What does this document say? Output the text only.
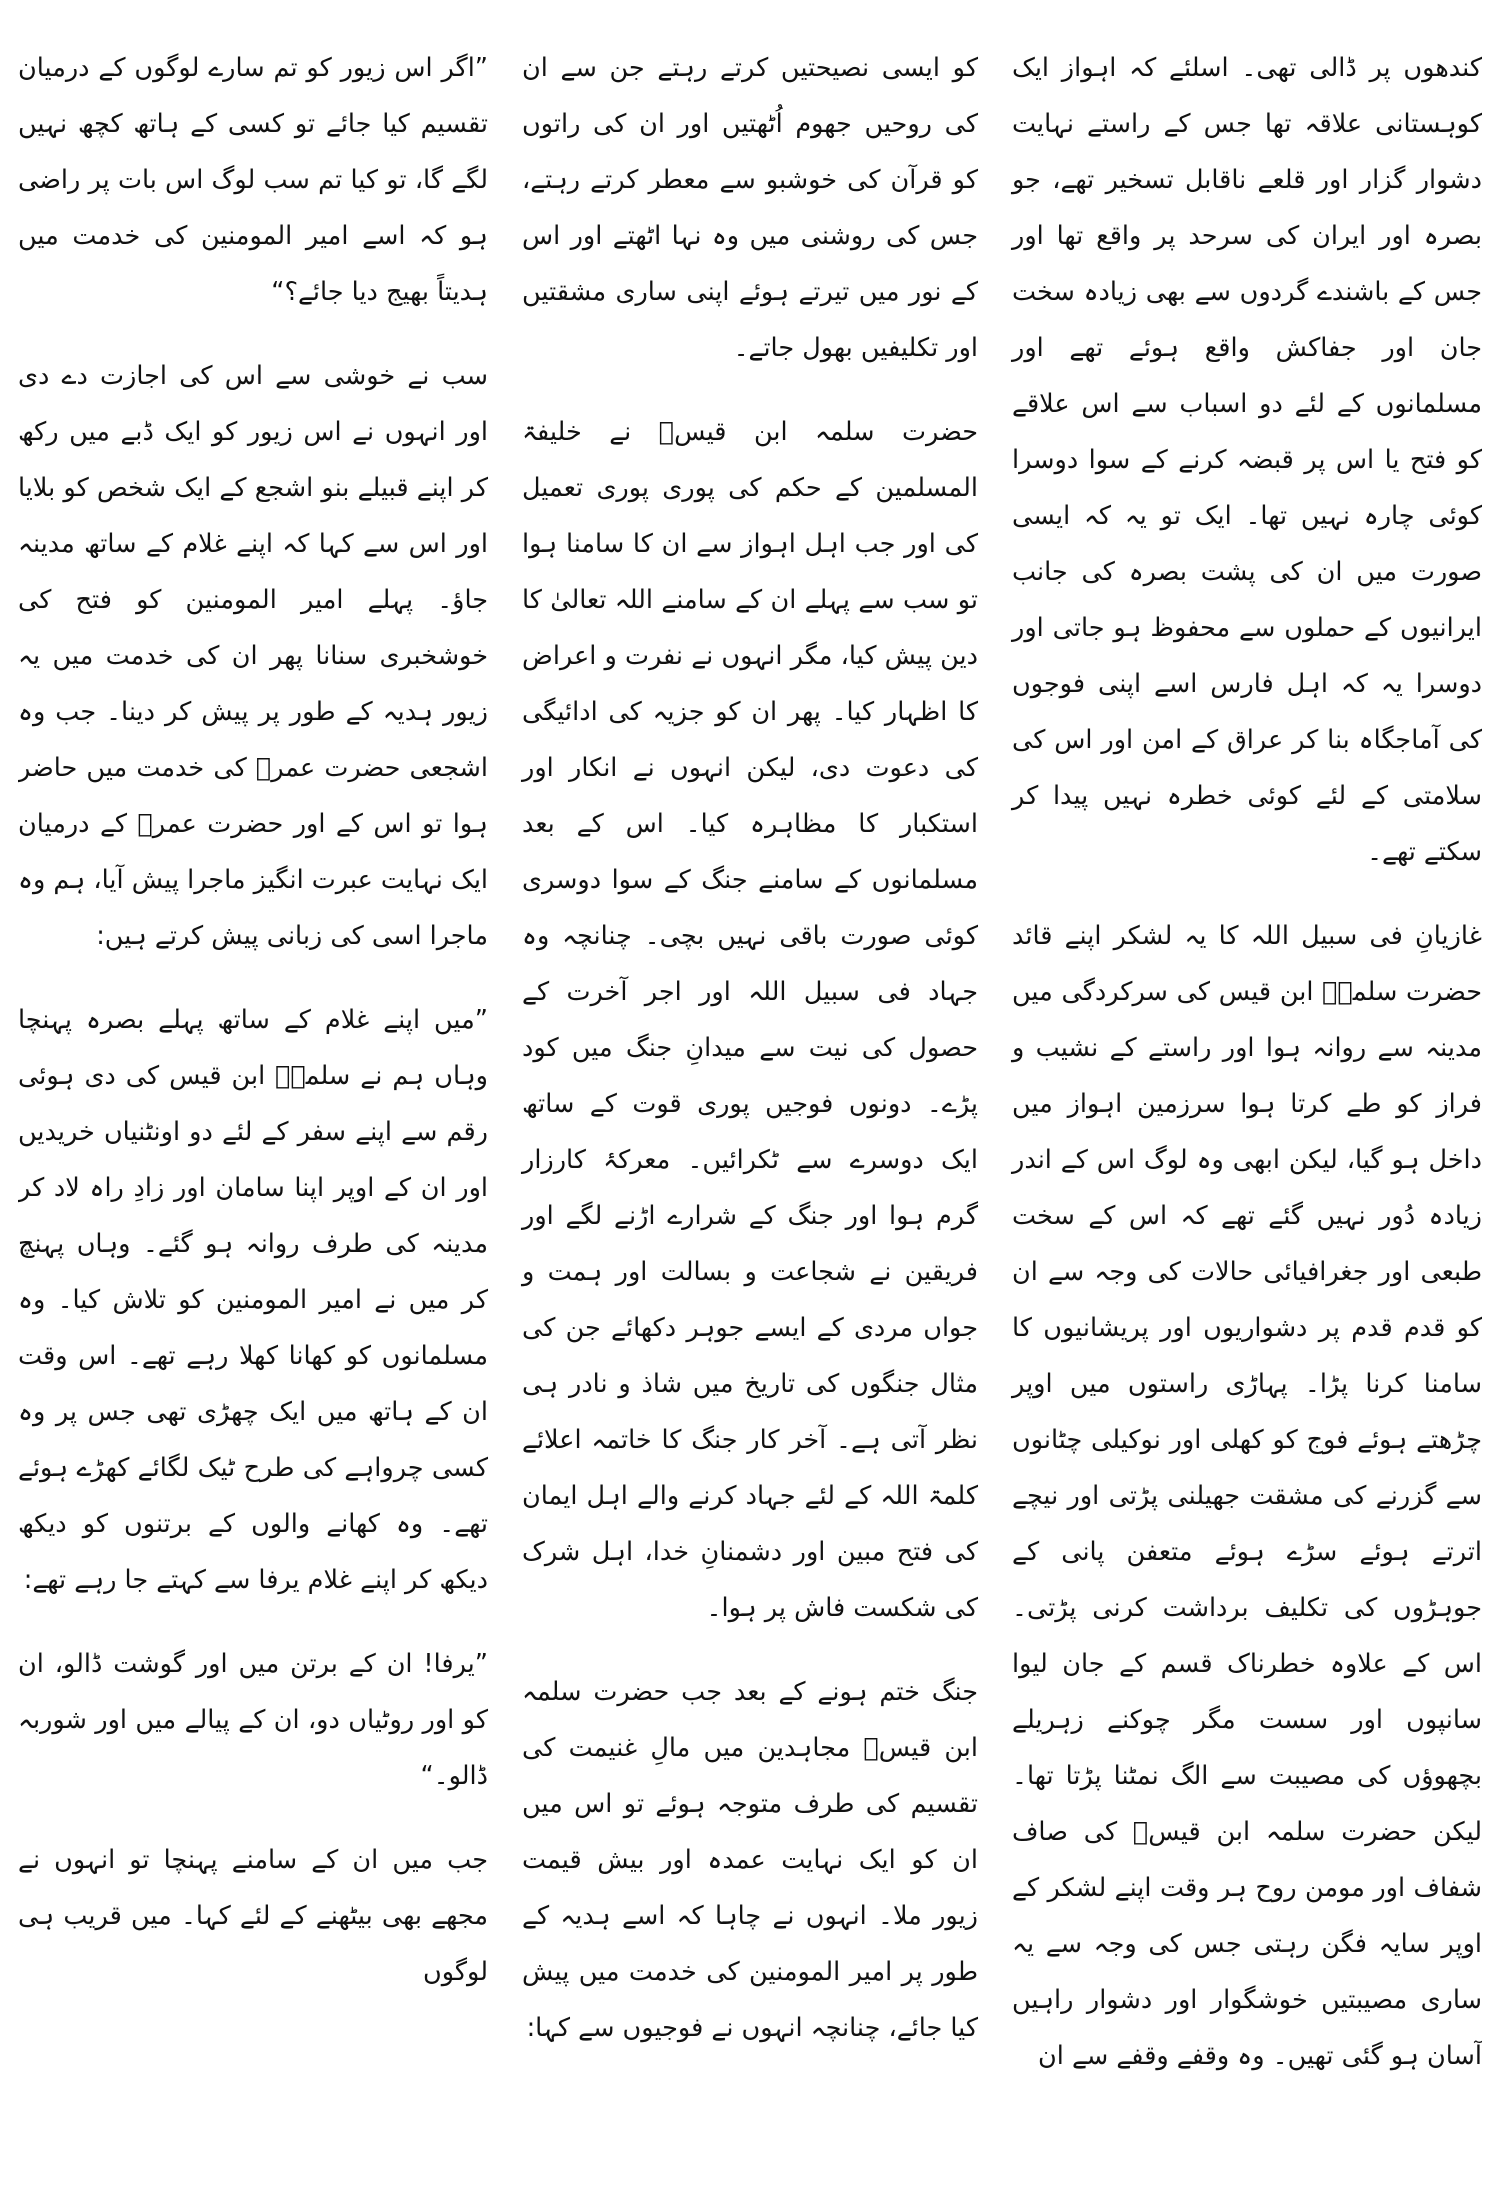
کندھوں پر ڈالی تھی۔ اسلئے کہ اہواز ایک کوہستانی علاقہ تھا جس کے راستے نہایت دشوار گزار اور قلعے ناقابل تسخیر تھے، جو بصرہ اور ایران کی سرحد پر واقع تھا اور جس کے باشندے گردوں سے بھی زیادہ سخت جان اور جفاکش واقع ہوئے تھے اور مسلمانوں کے لئے دو اسباب سے اس علاقے کو فتح یا اس پر قبضہ کرنے کے سوا دوسرا کوئی چارہ نہیں تھا۔ ایک تو یہ کہ ایسی صورت میں ان کی پشت بصرہ کی جانب ایرانیوں کے حملوں سے محفوظ ہو جاتی اور دوسرا یہ کہ اہل فارس اسے اپنی فوجوں کی آماجگاہ بنا کر عراق کے امن اور اس کی سلامتی کے لئے کوئی خطرہ نہیں پیدا کر سکتے تھے۔

غازیانِ فی سبیل اللہ کا یہ لشکر اپنے قائد حضرت سلمہؓ ابن قیس کی سرکردگی میں مدینہ سے روانہ ہوا اور راستے کے نشیب و فراز کو طے کرتا ہوا سرزمین اہواز میں داخل ہو گیا، لیکن ابھی وہ لوگ اس کے اندر زیادہ دُور نہیں گئے تھے کہ اس کے سخت طبعی اور جغرافیائی حالات کی وجہ سے ان کو قدم قدم پر دشواریوں اور پریشانیوں کا سامنا کرنا پڑا۔ پہاڑی راستوں میں اوپر چڑھتے ہوئے فوج کو کھلی اور نوکیلی چٹانوں سے گزرنے کی مشقت جھیلنی پڑتی اور نیچے اترتے ہوئے سڑے ہوئے متعفن پانی کے جوہڑوں کی تکلیف برداشت کرنی پڑتی۔ اس کے علاوہ خطرناک قسم کے جان لیوا سانپوں اور سست مگر چوکنے زہریلے بچھوؤں کی مصیبت سے الگ نمٹنا پڑتا تھا۔ لیکن حضرت سلمہ ابن قیسؓ کی صاف شفاف اور مومن روح ہر وقت اپنے لشکر کے اوپر سایہ فگن رہتی جس کی وجہ سے یہ ساری مصیبتیں خوشگوار اور دشوار راہیں آسان ہو گئی تھیں۔ وہ وقفے وقفے سے ان

کو ایسی نصیحتیں کرتے رہتے جن سے ان کی روحیں جھوم اُٹھتیں اور ان کی راتوں کو قرآن کی خوشبو سے معطر کرتے رہتے، جس کی روشنی میں وہ نہا اٹھتے اور اس کے نور میں تیرتے ہوئے اپنی ساری مشقتیں اور تکلیفیں بھول جاتے۔

حضرت سلمہ ابن قیسؓ نے خلیفۃ المسلمین کے حکم کی پوری پوری تعمیل کی اور جب اہل اہواز سے ان کا سامنا ہوا تو سب سے پہلے ان کے سامنے اللہ تعالیٰ کا دین پیش کیا، مگر انہوں نے نفرت و اعراض کا اظہار کیا۔ پھر ان کو جزیہ کی ادائیگی کی دعوت دی، لیکن انہوں نے انکار اور استکبار کا مظاہرہ کیا۔ اس کے بعد مسلمانوں کے سامنے جنگ کے سوا دوسری کوئی صورت باقی نہیں بچی۔ چنانچہ وہ جہاد فی سبیل اللہ اور اجر آخرت کے حصول کی نیت سے میدانِ جنگ میں کود پڑے۔ دونوں فوجیں پوری قوت کے ساتھ ایک دوسرے سے ٹکرائیں۔ معرکۂ کارزار گرم ہوا اور جنگ کے شرارے اڑنے لگے اور فریقین نے شجاعت و بسالت اور ہمت و جواں مردی کے ایسے جوہر دکھائے جن کی مثال جنگوں کی تاریخ میں شاذ و نادر ہی نظر آتی ہے۔ آخر کار جنگ کا خاتمہ اعلائے کلمۃ اللہ کے لئے جہاد کرنے والے اہل ایمان کی فتح مبین اور دشمنانِ خدا، اہل شرک کی شکست فاش پر ہوا۔

جنگ ختم ہونے کے بعد جب حضرت سلمہ ابن قیسؓ مجاہدین میں مالِ غنیمت کی تقسیم کی طرف متوجہ ہوئے تو اس میں ان کو ایک نہایت عمدہ اور بیش قیمت زیور ملا۔ انہوں نے چاہا کہ اسے ہدیہ کے طور پر امیر المومنین کی خدمت میں پیش کیا جائے، چنانچہ انہوں نے فوجیوں سے کہا:

”اگر اس زیور کو تم سارے لوگوں کے درمیان تقسیم کیا جائے تو کسی کے ہاتھ کچھ نہیں لگے گا، تو کیا تم سب لوگ اس بات پر راضی ہو کہ اسے امیر المومنین کی خدمت میں ہدیتاً بھیج دیا جائے؟“

سب نے خوشی سے اس کی اجازت دے دی اور انہوں نے اس زیور کو ایک ڈبے میں رکھ کر اپنے قبیلے بنو اشجع کے ایک شخص کو بلایا اور اس سے کہا کہ اپنے غلام کے ساتھ مدینہ جاؤ۔ پہلے امیر المومنین کو فتح کی خوشخبری سنانا پھر ان کی خدمت میں یہ زیور ہدیہ کے طور پر پیش کر دینا۔ جب وہ اشجعی حضرت عمرؓ کی خدمت میں حاضر ہوا تو اس کے اور حضرت عمرؓ کے درمیان ایک نہایت عبرت انگیز ماجرا پیش آیا، ہم وہ ماجرا اسی کی زبانی پیش کرتے ہیں:

”میں اپنے غلام کے ساتھ پہلے بصرہ پہنچا وہاں ہم نے سلمہؓ ابن قیس کی دی ہوئی رقم سے اپنے سفر کے لئے دو اونٹنیاں خریدیں اور ان کے اوپر اپنا سامان اور زادِ راہ لاد کر مدینہ کی طرف روانہ ہو گئے۔ وہاں پہنچ کر میں نے امیر المومنین کو تلاش کیا۔ وہ مسلمانوں کو کھانا کھلا رہے تھے۔ اس وقت ان کے ہاتھ میں ایک چھڑی تھی جس پر وہ کسی چرواہے کی طرح ٹیک لگائے کھڑے ہوئے تھے۔ وہ کھانے والوں کے برتنوں کو دیکھ دیکھ کر اپنے غلام یرفا سے کہتے جا رہے تھے:

”یرفا! ان کے برتن میں اور گوشت ڈالو، ان کو اور روٹیاں دو، ان کے پیالے میں اور شوربہ ڈالو۔“

جب میں ان کے سامنے پہنچا تو انہوں نے مجھے بھی بیٹھنے کے لئے کہا۔ میں قریب ہی لوگوں
